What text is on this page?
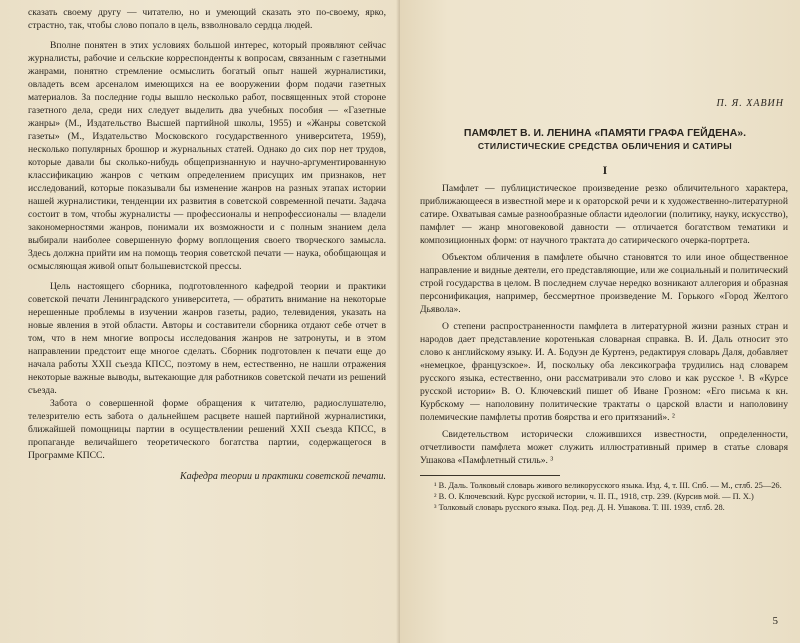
сказать своему другу — читателю, но и умеющий сказать это по-своему, ярко, страстно, так, чтобы слово попало в цель, взволновало сердца людей.

Вполне понятен в этих условиях большой интерес, который проявляют сейчас журналисты, рабочие и сельские корреспонденты к вопросам, связанным с газетными жанрами, понятно стремление осмыслить богатый опыт нашей журналистики, овладеть всем арсеналом имеющихся на ее вооружении форм подачи газетных материалов. За последние годы вышло несколько работ, посвященных этой стороне газетного дела, среди них следует выделить два учебных пособия — «Газетные жанры» (М., Издательство Высшей партийной школы, 1955) и «Жанры советской газеты» (М., Издательство Московского государственного университета, 1959), несколько популярных брошюр и журнальных статей. Однако до сих пор нет трудов, которые давали бы сколько-нибудь общепризнанную и научно-аргументированную классификацию жанров с четким определением присущих им признаков, нет исследований, которые показывали бы изменение жанров на разных этапах истории нашей журналистики, тенденции их развития в советской современной печати. Задача состоит в том, чтобы журналисты — профессионалы и непрофессионалы — владели закономерностями жанров, понимали их возможности и с полным знанием дела выбирали наиболее совершенную форму воплощения своего творческого замысла. Здесь должна прийти им на помощь теория советской печати — наука, обобщающая и осмысляющая живой опыт большевистской прессы.

Цель настоящего сборника, подготовленного кафедрой теории и практики советской печати Ленинградского университета, — обратить внимание на некоторые нерешенные проблемы в изучении жанров газеты, радио, телевидения, указать на новые явления в этой области. Авторы и составители сборника отдают себе отчет в том, что в нем многие вопросы исследования жанров не затронуты, и в этом направлении предстоит еще многое сделать. Сборник подготовлен к печати еще до начала работы XXII съезда КПСС, поэтому в нем, естественно, не нашли отражения некоторые важные выводы, вытекающие для работников советской печати из решений съезда.

Забота о совершенной форме обращения к читателю, радиослушателю, телезрителю есть забота о дальнейшем расцвете нашей партийной журналистики, ближайшей помощницы партии в осуществлении решений XXII съезда КПСС, в пропаганде величайшего теоретического богатства партии, содержащегося в Программе КПСС.

Кафедра теории и практики советской печати.
П. Я. ХАВИН
ПАМФЛЕТ В. И. ЛЕНИНА «ПАМЯТИ ГРАФА ГЕЙДЕНА».
СТИЛИСТИЧЕСКИЕ СРЕДСТВА ОБЛИЧЕНИЯ И САТИРЫ
I

Памфлет — публицистическое произведение резко обличительного характера, приближающееся в известной мере и к ораторской речи и к художественно-литературной сатире. Охватывая самые разнообразные области идеологии (политику, науку, искусство), памфлет — жанр многовековой давности — отличается богатством тематики и композиционных форм: от научного трактата до сатирического очерка-портрета.

Объектом обличения в памфлете обычно становятся то или иное общественное направление и видные деятели, его представляющие, или же социальный и политический строй государства в целом. В последнем случае нередко возникают аллегория и образная персонификация, например, бессмертное произведение М. Горького «Город Желтого Дьявола».

О степени распространенности памфлета в литературной жизни разных стран и народов дает представление коротенькая словарная справка. В. И. Даль относит это слово к английскому языку. И. А. Бодуэн де Куртенэ, редактируя словарь Даля, добавляет «немецкое, французское». И, поскольку оба лексикографа трудились над словарем русского языка, естественно, они рассматривали это слово и как русское ¹. В «Курсе русской истории» В. О. Ключевский пишет об Иване Грозном: «Его письма к кн. Курбскому — наполовину политические трактаты о царской власти и наполовину полемические памфлеты против боярства и его притязаний». ²

Свидетельством исторически сложившихся известности, определенности, отчетливости памфлета может служить иллюстративный пример в статье словаря Ушакова «Памфлетный стиль». ³

¹ В. Даль. Толковый словарь живого великорусского языка. Изд. 4, т. III. Спб. — М., стлб. 25—26.

² В. О. Ключевский. Курс русской истории, ч. II. П., 1918, стр. 239. (Курсив мой. — П. Х.)

³ Толковый словарь русского языка. Под. ред. Д. Н. Ушакова. Т. III. 1939, стлб. 28.

5
